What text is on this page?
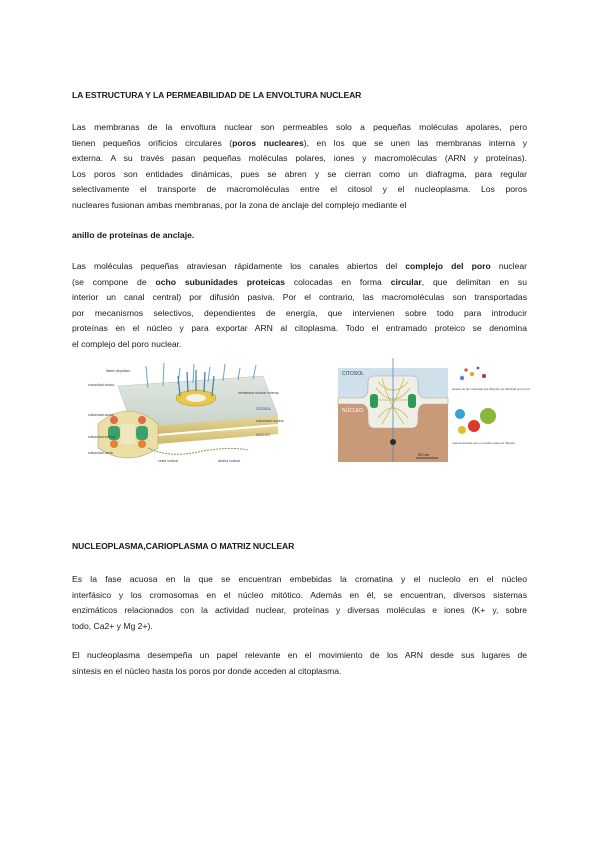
LA ESTRUCTURA Y LA PERMEABILIDAD DE LA ENVOLTURA NUCLEAR
Las membranas de la envoltura nuclear son permeables solo a pequeñas moléculas apolares, pero
tienen pequeños orificios circulares (poros nucleares), en los que se unen las membranas interna y
externa. A su través pasan pequeñas moléculas polares, iones y macromoléculas (ARN y proteínas).
Los poros son entidades dinámicas, pues se abren y se cierran como un diafragma, para regular
selectivamente el transporte de macromoléculas entre el citosol y el nucleoplasma. Los poros
nucleares fusionan ambas membranas, por la zona de anclaje del complejo mediante el
anillo de proteínas de anclaje.
Las moléculas pequeñas atraviesan rápidamente los canales abiertos del complejo del poro nuclear
(se compone de ocho subunidades proteicas colocadas en forma circular, que delimitan en su
interior un canal central) por difusión pasiva. Por el contrario, las macromoléculas son transportadas
por mecanismos selectivos, dependientes de energía, que intervienen sobre todo para introducir
proteínas en el núcleo y para exportar ARN al citoplasma. Todo el entramado proteico se denomina
el complejo del poro nuclear.
filetes citoplásm.
subunidad citosol.
membrana nuclear externa
subunidad anular
subunidad luminal
CITOSOL
subunidad nuclear
subunidad cesta
NÚCLEO
cesta nuclear	lámina nuclear
CITOSOL
NÚCLEO
50 nm
tamaño de las moléculas que difunden sin dificultad por el poro
macromoléculas que no pueden pasar por difusión
NUCLEOPLASMA,CARIOPLASMA O MATRIZ NUCLEAR
Es la fase acuosa en la que se encuentran embebidas la cromatina y el nucleolo en el núcleo
interfásico y los cromosomas en el núcleo mitótico. Además en él, se encuentran, diversos sistemas
enzimáticos relacionados con la actividad nuclear, proteínas y diversas moléculas e iones (K+ y, sobre
todo, Ca2+ y Mg 2+).
El nucleoplasma desempeña un papel relevante en el movimiento de los ARN desde sus lugares de
síntesis en el núcleo hasta los poros por donde acceden al citoplasma.
